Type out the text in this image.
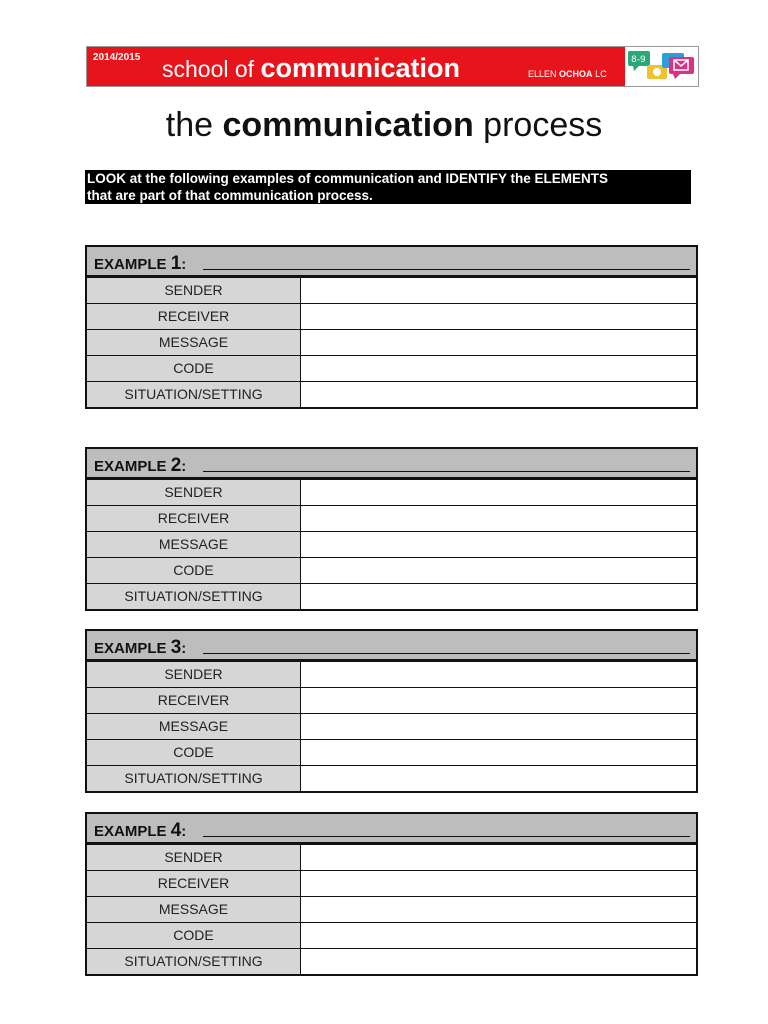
2014/2015 school of communication	ELLEN OCHOA LC
8-9
the communication process
LOOK at the following examples of communication and IDENTIFY the ELEMENTS
that are part of that communication process.
EXAMPLE 1:
SENDER
RECEIVER
MESSAGE
CODE
SITUATION/SETTING
EXAMPLE 2:
SENDER
RECEIVER
MESSAGE
CODE
SITUATION/SETTING
EXAMPLE 3:
SENDER
RECEIVER
MESSAGE
CODE
SITUATION/SETTING
EXAMPLE 4:
SENDER
RECEIVER
MESSAGE
CODE
SITUATION/SETTING
